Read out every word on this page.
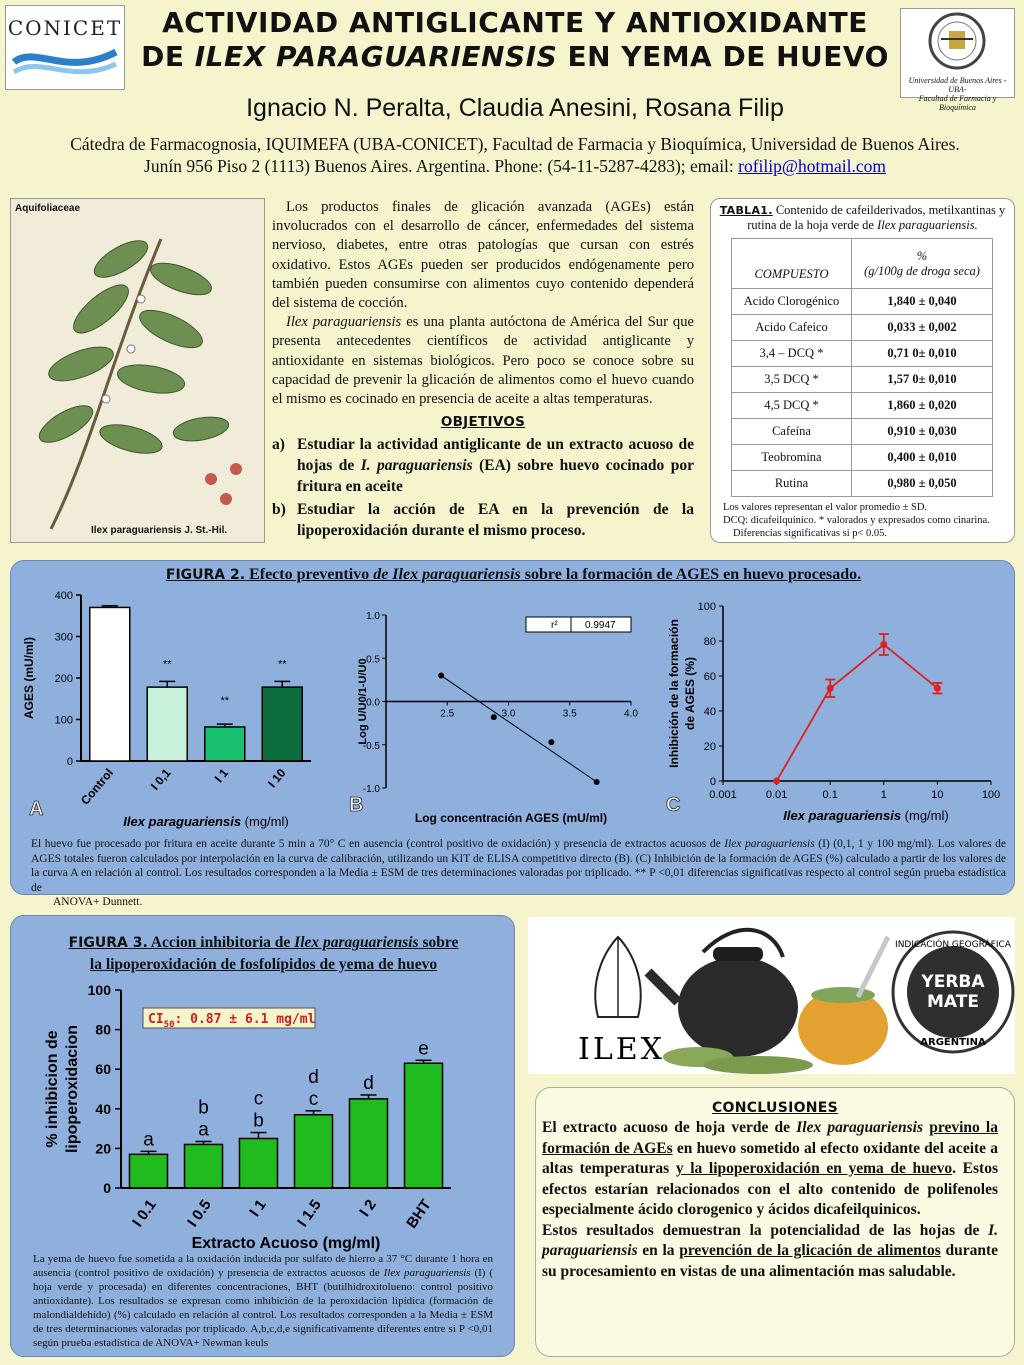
CONICET	ACTIVIDAD ANTIGLICANTE Y ANTIOXIDANTE
DE ILEX PARAGUARIENSIS EN YEMA DE HUEVO
Ignacio N. Peralta, Claudia Anesini, Rosana Filip
Universidad de Buenos Aires - UBA-
Facultad de Farmacia y Bioquímica
Cátedra de Farmacognosia, IQUIMEFA (UBA-CONICET), Facultad de Farmacia y Bioquímica, Universidad de Buenos Aires.
Junín 956 Piso 2 (1113) Buenos Aires. Argentina. Phone: (54-11-5287-4283); email: rofilip@hotmail.com
Aquifoliaceae
Ilex paraguariensis J. St.-Hil.

Los productos finales de glicación avanzada (AGEs) están involucrados con el desarrollo de cáncer, enfermedades del sistema nervioso, diabetes, entre otras patologías que cursan con estrés oxidativo. Estos AGEs pueden ser producidos endógenamente pero también pueden consumirse con alimentos cuyo contenido dependerá del sistema de cocción.

Ilex paraguariensis es una planta autóctona de América del Sur que presenta antecedentes científicos de actividad antiglicante y antioxidante en sistemas biológicos. Pero poco se conoce sobre su capacidad de prevenir la glicación de alimentos como el huevo cuando el mismo es cocinado en presencia de aceite a altas temperaturas.

OBJETIVOS
a) Estudiar la actividad antiglicante de un extracto acuoso de hojas de I. paraguariensis (EA) sobre huevo cocinado por fritura en aceite
b) Estudiar la acción de EA en la prevención de la lipoperoxidación durante el mismo proceso.
TABLA1. Contenido de cafeilderivados, metilxantinas y rutina de la hoja verde de Ilex paraguariensis.
COMPUESTO	%
(g/100g de droga seca)

Acido Clorogénico	1,840 ± 0,040
Acido Cafeico	0,033 ± 0,002
3,4 – DCQ *	0,71 0± 0,010
3,5 DCQ *	1,57 0± 0,010
4,5 DCQ *	1,860 ± 0,020
Cafeína	0,910 ± 0,030
Teobromina	0,400 ± 0,010
Rutina	0,980 ± 0,050
Los valores representan el valor promedio ± SD.
DCQ: dicafeilquínico. * valorados y expresados como cinarina.
Diferencias significativas si p< 0.05.
FIGURA 2. Efecto preventivo de Ilex paraguariensis sobre la formación de AGES en huevo procesado.
0
100
200
300
400
Control
**
I 0,1
**
I 1
**
I 10
AGES (mU/ml)
Ilex paraguariensis (mg/ml)
A
1.0
0.5
0.0
-0.5
-1.0
2.5	3.0	3.5	4.0
r²	0.9947
Log U/U0/1-U/U0
Log concentración AGES (mU/ml)
B
0
20
40
60
80
100
0.001	0.01	0.1	1	10	100
Inhibición de la formación de AGES (%)
Ilex paraguariensis (mg/ml)
C
El huevo fue procesado por fritura en aceite durante 5 min a 70° C en ausencia (control positivo de oxidación) y presencia de extractos acuosos de Ilex paraguariensis (I) (0,1, 1 y 100 mg/ml). Los valores de AGES totales fueron calculados por interpolación en la curva de calibración, utilizando un KIT de ELISA competitivo directo (B). (C) Inhibición de la formación de AGES (%) calculado a partir de los valores de la curva A en relación al control. Los resultados corresponden a la Media ± ESM de tres determinaciones valoradas por triplicado. ** P <0,01 diferencias significativas respecto al control según prueba estadística de
ANOVA+ Dunnett.
FIGURA 3. Accion inhibitoria de Ilex paraguariensis sobre
la lipoperoxidación de fosfolípidos de yema de huevo
0
20
40
60
80
100
$CI_{50}$: 0.87 ± 6.1 mg/ml
a
I 0.1
a
b
I 0.5
b
c
I 1
c
d
I 1.5
d
I 2
e
BHT
% inhibicion de lipoperoxidacion
Extracto Acuoso (mg/ml)
La yema de huevo fue sometida a la oxidación inducida por sulfato de hierro a 37 °C durante 1 hora en ausencia (control positivo de oxidación) y presencia de extractos acuosos de Ilex paraguariensis (I) ( hoja verde y procesada) en diferentes concentraciones, BHT (butilhidroxitolueno: control positivo antioxidante). Los resultados se expresan como inhibición de la peroxidación lipídica (formación de malondialdehído) (%) calculado en relación al control. Los resultados corresponden a la Media ± ESM de tres determinaciones valoradas por triplicado. A,b,c,d,e significativamente diferentes entre si P <0,01 según prueba estadística de ANOVA+ Newman keuls
ILEX
INDICACIÓN GEOGRÁFICA
YERBA
MATE
ARGENTINA
CONCLUSIONES
El extracto acuoso de hoja verde de Ilex paraguariensis previno la formación de AGEs en huevo sometido al efecto oxidante del aceite a altas temperaturas y la lipoperoxidación en yema de huevo. Estos efectos estarían relacionados con el alto contenido de polifenoles especialmente ácido clorogenico y ácidos dicafeilquinicos.
Estos resultados demuestran la potencialidad de las hojas de I. paraguariensis en la prevención de la glicación de alimentos durante su procesamiento en vistas de una alimentación mas saludable.
